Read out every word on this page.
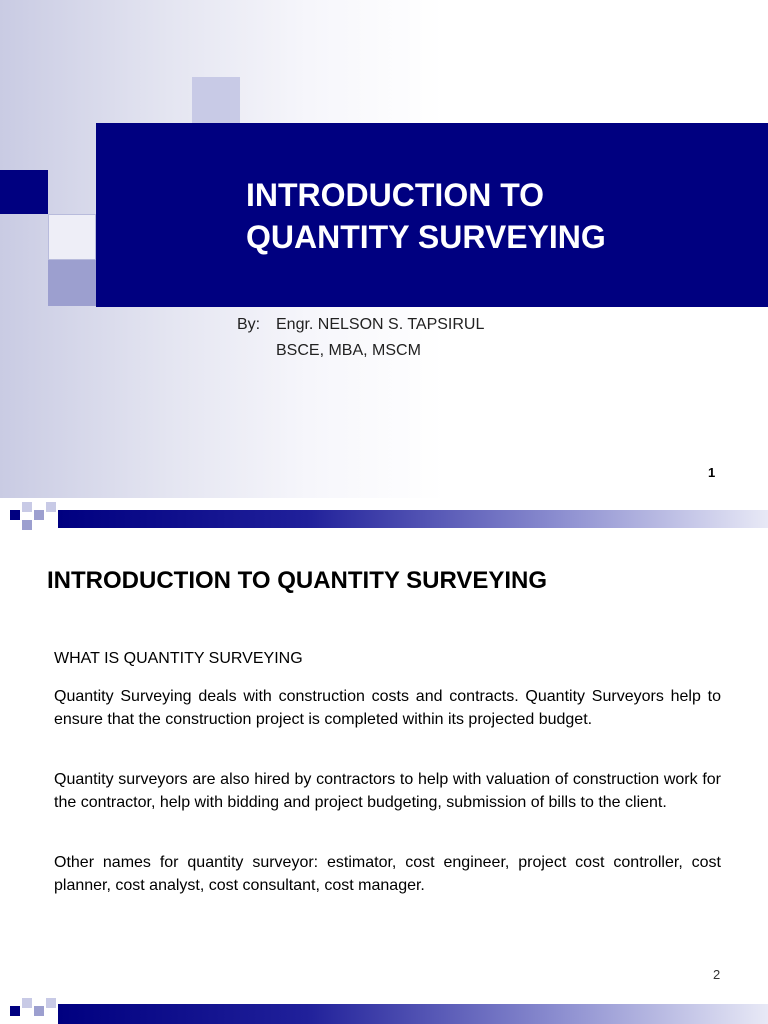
INTRODUCTION TO
QUANTITY SURVEYING
By: Engr. NELSON S. TAPSIRUL
BSCE, MBA, MSCM
1
INTRODUCTION TO QUANTITY SURVEYING
WHAT IS QUANTITY SURVEYING
Quantity Surveying deals with construction costs and contracts. Quantity Surveyors help to ensure that the construction project is completed within its projected budget.
Quantity surveyors are also hired by contractors to help with valuation of construction work for the contractor, help with bidding and project budgeting, submission of bills to the client.
Other names for quantity surveyor: estimator, cost engineer, project cost controller, cost planner, cost analyst, cost consultant, cost manager.
2
